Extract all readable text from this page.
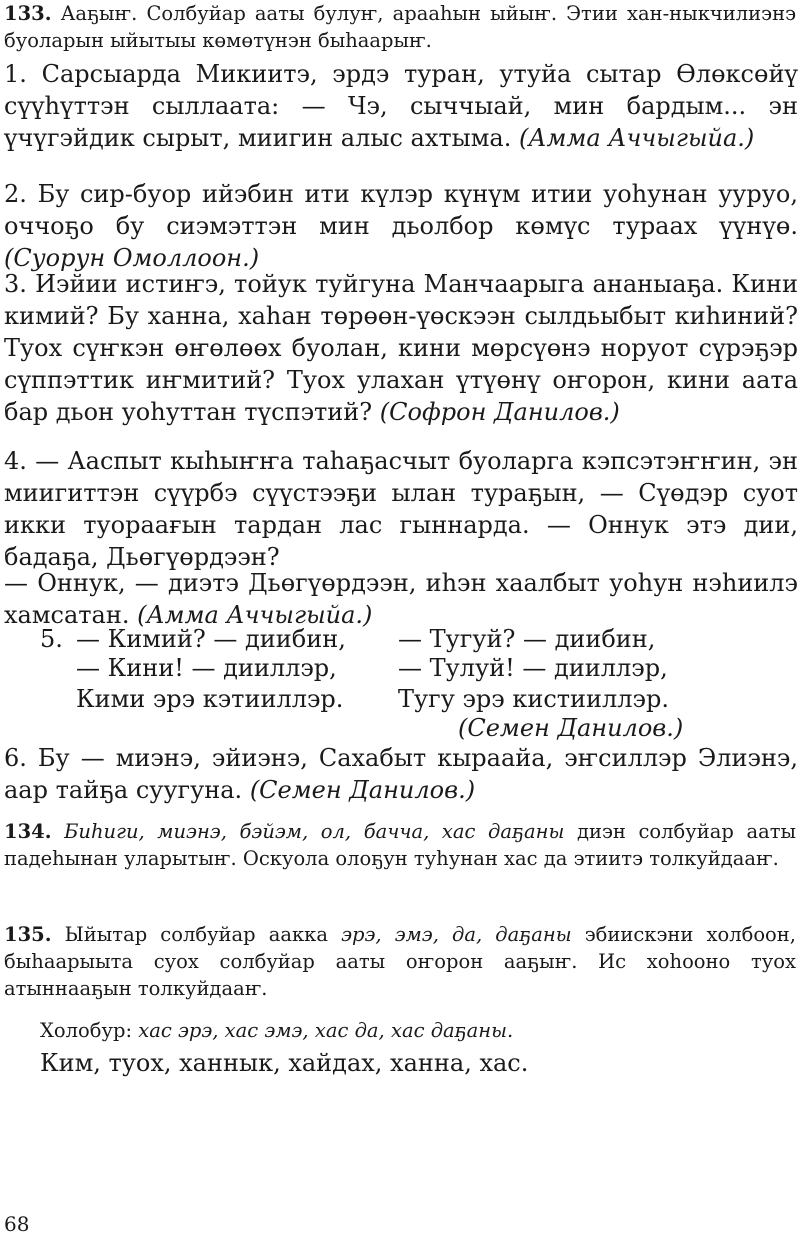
133. Ааҕыҥ. Солбуйар ааты булуҥ, арааһын ыйыҥ. Этии хан-ныкчилиэнэ буоларын ыйытыы көмөтүнэн быһаарыҥ.
1. Сарсыарда Микиитэ, эрдэ туран, утуйа сытар Өлөксөйү сүүһүттэн сыллаата: — Чэ, сыччыай, мин бардым... эн үчүгэйдик сырыт, миигин алыс ахтыма. (Амма Аччыгыйа.)
2. Бу сир-буор ийэбин ити күлэр күнүм итии уоһунан ууруо, оччоҕо бу сиэмэттэн мин дьолбор көмүс тураах үүнүө. (Суорун Омоллоон.)
3. Иэйии истиҥэ, тойук туйгуна Манчаарыга ананыаҕа. Кини кимий? Бу ханна, хаһан төрөөн-үөскээн сылдьыбыт киһиний? Туох сүҥкэн өҥөлөөх буолан, кини мөрсүөнэ норуот сүрэҕэр сүппэттик иҥмитий? Туох улахан үтүөнү оҥорон, кини аата бар дьон уоһуттан түспэтий? (Софрон Данилов.)
4. — Ааспыт кыһыҥҥа таһаҕасчыт буоларга кэпсэтэҥҥин, эн миигиттэн сүүрбэ сүүстээҕи ылан тураҕын, — Сүөдэр суот икки туораағын тардан лас гыннарда. — Оннук этэ дии, бадаҕа, Дьөгүөрдээн?
— Оннук, — диэтэ Дьөгүөрдээн, иһэн хаалбыт уоһун нэһиилэ хамсатан. (Амма Аччыгыйа.)
5. — Кимий? — диибин,
— Кини! — дииллэр,
Кими эрэ кэтииллэр.
— Тугуй? — диибин,
— Тулуй! — дииллэр,
Тугу эрэ кистииллэр.
(Семен Данилов.)
6. Бу — миэнэ, эйиэнэ, Сахабыт кыраайа, эҥсиллэр Элиэнэ, аар тайҕа суугуна. (Семен Данилов.)
134. Биһиги, миэнэ, бэйэм, ол, бачча, хас даҕаны диэн солбуйар ааты падеһынан уларытыҥ. Оскуола олоҕун туһунан хас да этиитэ толкуйдааҥ.
135. Ыйытар солбуйар аакка эрэ, эмэ, да, даҕаны эбиискэни холбоон, быһаарыыта суох солбуйар ааты оҥорон ааҕыҥ. Ис хоһооно туох атыннааҕын толкуйдааҥ.
Холобур: хас эрэ, хас эмэ, хас да, хас даҕаны.
Ким, туох, ханнык, хайдах, ханна, хас.
68
